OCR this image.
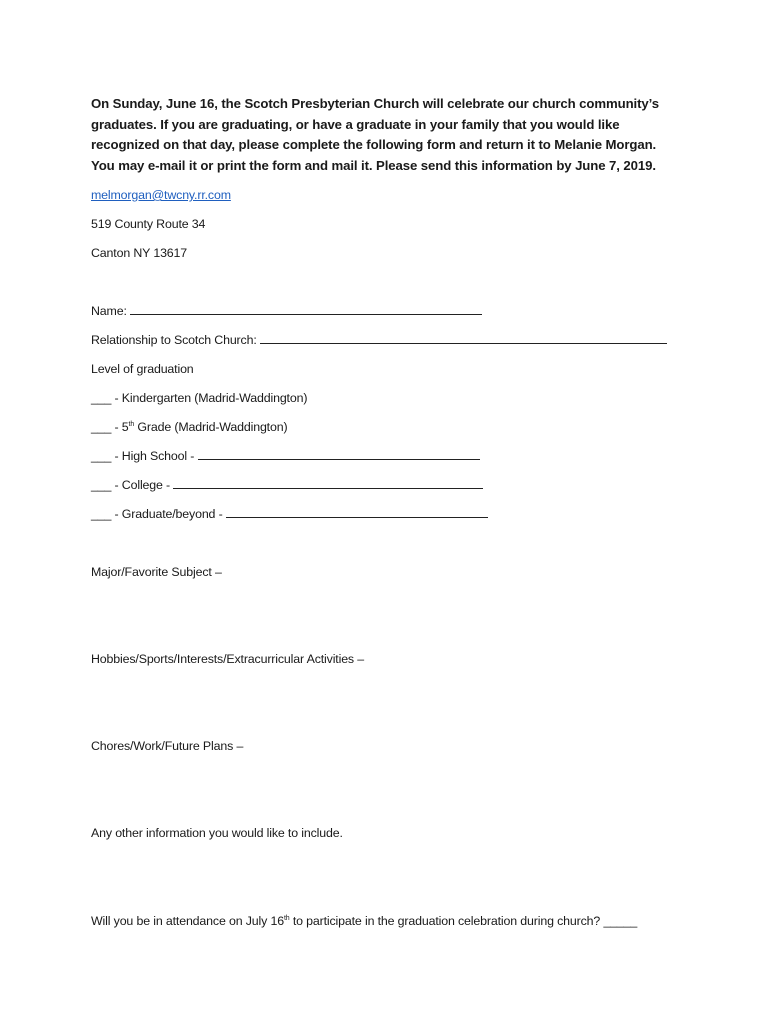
On Sunday, June 16, the Scotch Presbyterian Church will celebrate our church community’s
graduates. If you are graduating, or have a graduate in your family that you would like
recognized on that day, please complete the following form and return it to Melanie Morgan.
You may e-mail it or print the form and mail it. Please send this information by June 7, 2019.
melmorgan@twcny.rr.com
519 County Route 34
Canton NY 13617
Name:
Relationship to Scotch Church:
Level of graduation
___ - Kindergarten (Madrid-Waddington)
___ - 5th Grade (Madrid-Waddington)
___ - High School -
___ - College -
___ - Graduate/beyond -
Major/Favorite Subject –
Hobbies/Sports/Interests/Extracurricular Activities –
Chores/Work/Future Plans –
Any other information you would like to include.
Will you be in attendance on July 16th to participate in the graduation celebration during church? _____
